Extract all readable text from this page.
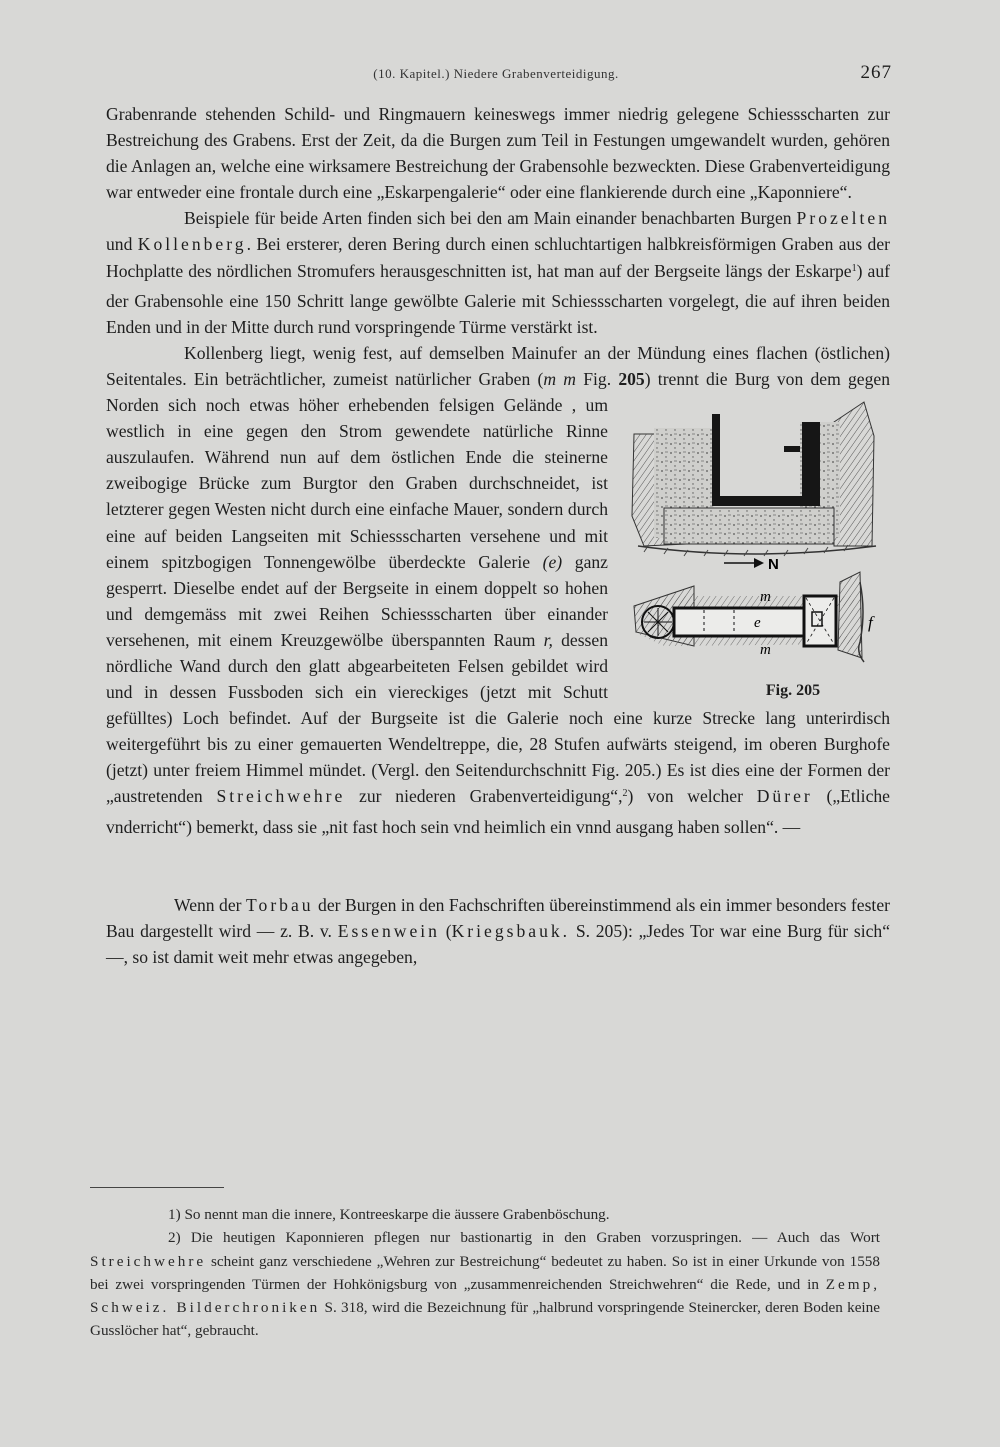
(10. Kapitel.) Niedere Grabenverteidigung.	267

Grabenrande stehenden Schild- und Ringmauern keineswegs immer niedrig gelegene Schiessscharten zur Bestreichung des Grabens. Erst der Zeit, da die Burgen zum Teil in Festungen umgewandelt wurden, gehören die Anlagen an, welche eine wirksamere Bestreichung der Grabensohle bezweckten. Diese Grabenverteidigung war entweder eine frontale durch eine „Eskarpengalerie“ oder eine flankierende durch eine „Kaponniere“.

Beispiele für beide Arten finden sich bei den am Main einander benachbarten Burgen Prozelten und Kollenberg. Bei ersterer, deren Bering durch einen schluchtartigen halbkreisförmigen Graben aus der Hochplatte des nördlichen Stromufers herausgeschnitten ist, hat man auf der Bergseite längs der Eskarpe$^1$) auf der Grabensohle eine 150 Schritt lange gewölbte Galerie mit Schiessscharten vorgelegt, die auf ihren beiden Enden und in der Mitte durch rund vorspringende Türme verstärkt ist.

Kollenberg liegt, wenig fest, auf demselben Mainufer an der Mündung eines flachen (östlichen) Seitentales. Ein beträchtlicher, zumeist natürlicher Graben (m m Fig. 205) trennt die Burg von dem gegen Norden sich noch etwas höher erhebenden felsigen Gelände
N
m
e
m
f
Fig. 205
, um westlich in eine gegen den Strom gewendete natürliche Rinne auszulaufen. Während nun auf dem östlichen Ende die steinerne zweibogige Brücke zum Burgtor den Graben durchschneidet, ist letzterer gegen Westen nicht durch eine einfache Mauer, sondern durch eine auf beiden Langseiten mit Schiessscharten versehene und mit einem spitzbogigen Tonnengewölbe überdeckte Galerie (e) ganz gesperrt. Dieselbe endet auf der Bergseite in einem doppelt so hohen und demgemäss mit zwei Reihen Schiessscharten über einander versehenen, mit einem Kreuzgewölbe überspannten Raum r, dessen nördliche Wand durch den glatt abgearbeiteten Felsen gebildet wird und in dessen Fussboden sich ein viereckiges (jetzt mit Schutt gefülltes) Loch befindet. Auf der Burgseite ist die Galerie noch eine kurze Strecke lang unterirdisch weitergeführt bis zu einer gemauerten Wendeltreppe, die, 28 Stufen aufwärts steigend, im oberen Burghofe (jetzt) unter freiem Himmel mündet. (Vergl. den Seitendurchschnitt Fig. 205.) Es ist dies eine der Formen der „austretenden Streichwehre zur niederen Grabenverteidigung“,$^2$) von welcher Dürer („Etliche vnderricht“) bemerkt, dass sie „nit fast hoch sein vnd heimlich ein vnnd ausgang haben sollen“. —

Wenn der Torbau der Burgen in den Fachschriften übereinstimmend als ein immer besonders fester Bau dargestellt wird — z. B. v. Essenwein (Kriegsbauk. S. 205): „Jedes Tor war eine Burg für sich“ —, so ist damit weit mehr etwas angegeben,

1) So nennt man die innere, Kontreeskarpe die äussere Grabenböschung.

2) Die heutigen Kaponnieren pflegen nur bastionartig in den Graben vorzuspringen. — Auch das Wort Streichwehre scheint ganz verschiedene „Wehren zur Bestreichung“ bedeutet zu haben. So ist in einer Urkunde von 1558 bei zwei vorspringenden Türmen der Hohkönigsburg von „zusammenreichenden Streichwehren“ die Rede, und in Zemp, Schweiz. Bilderchroniken S. 318, wird die Bezeichnung für „halbrund vorspringende Steinercker, deren Boden keine Gusslöcher hat“, gebraucht.
